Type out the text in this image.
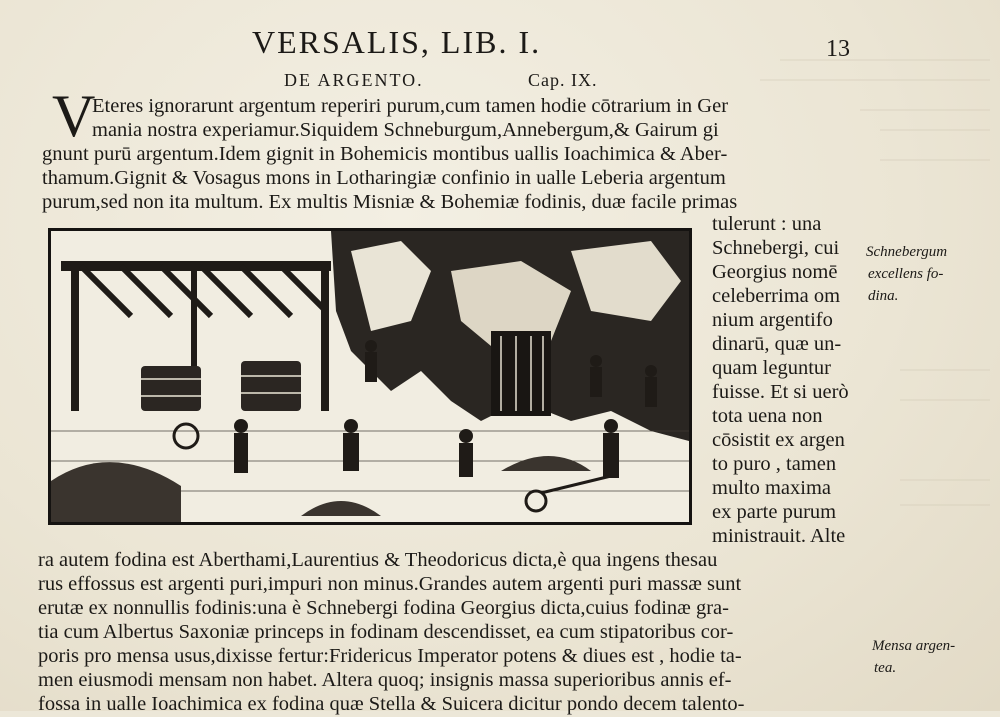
VERSALIS, LIB. I.	13
DE ARGENTO.	Cap. IX.
V
Eteres ignorarunt argentum reperiri purum,cum tamen hodie cōtrarium in Ger
mania nostra experiamur.Siquidem Schneburgum,Annebergum,& Gairum gi
gnunt purū argentum.Idem gignit in Bohemicis montibus uallis Ioachimica & Aber-
thamum.Gignit & Vosagus mons in Lotharingiæ confinio in ualle Leberia argentum
purum,sed non ita multum. Ex multis Misniæ & Bohemiæ fodinis, duæ facile primas
tulerunt : una
Schnebergi, cui
Georgius nomē
celeberrima om
nium argentifo
dinarū, quæ un-
quam leguntur
fuisse. Et si uerò
tota uena non
cōsistit ex argen
to puro , tamen
multo maxima
ex parte purum
ministrauit. Alte
Schnebergum
excellens fo-
dina.
ra autem fodina est Aberthami,Laurentius & Theodoricus dicta,è qua ingens thesau
rus effossus est argenti puri,impuri non minus.Grandes autem argenti puri massæ sunt
erutæ ex nonnullis fodinis:una è Schnebergi fodina Georgius dicta,cuius fodinæ gra-
tia cum Albertus Saxoniæ princeps in fodinam descendisset, ea cum stipatoribus cor-
poris pro mensa usus,dixisse fertur:Fridericus Imperator potens & diues est , hodie ta-
men eiusmodi mensam non habet. Altera quoq; insignis massa superioribus annis ef-
fossa in ualle Ioachimica ex fodina quæ Stella & Suicera dicitur pondo decem talento-
Mensa argen-
tea.
